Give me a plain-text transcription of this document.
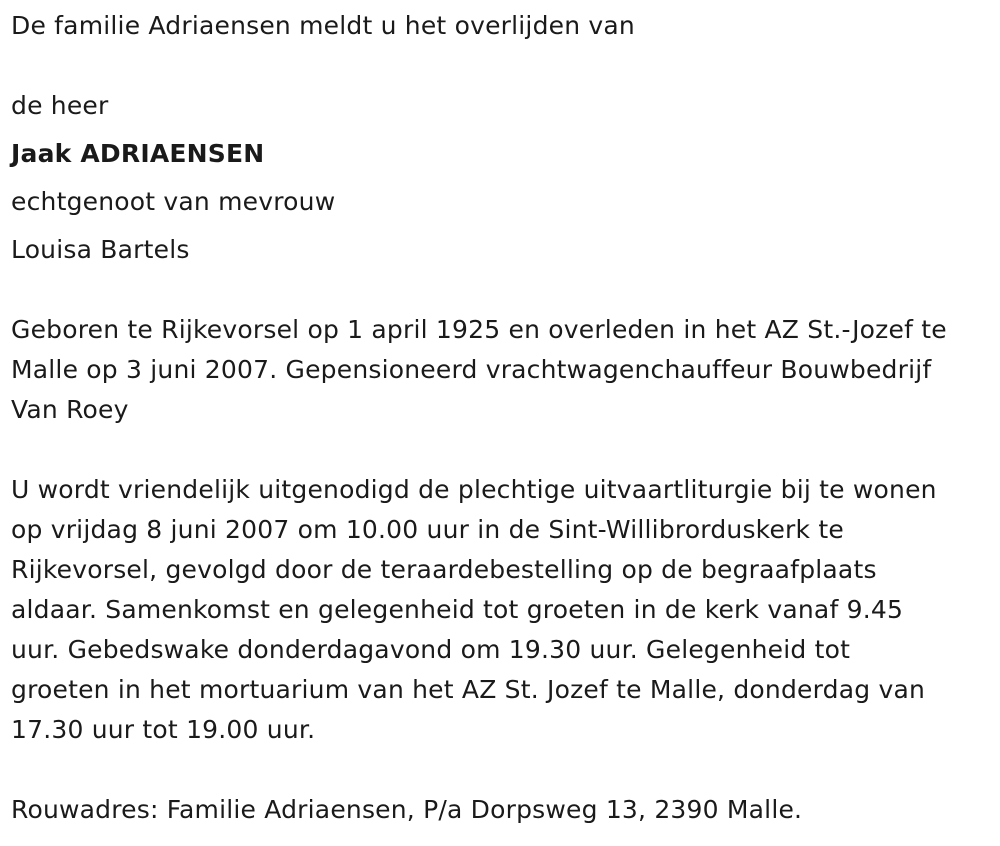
De familie Adriaensen meldt u het overlijden van

de heer

Jaak ADRIAENSEN

echtgenoot van mevrouw

Louisa Bartels

Geboren te Rijkevorsel op 1 april 1925 en overleden in het AZ St.-Jozef te

Malle op 3 juni 2007. Gepensioneerd vrachtwagenchauffeur Bouwbedrijf

Van Roey

U wordt vriendelijk uitgenodigd de plechtige uitvaartliturgie bij te wonen

op vrijdag 8 juni 2007 om 10.00 uur in de Sint-Willibrorduskerk te

Rijkevorsel, gevolgd door de teraardebestelling op de begraafplaats

aldaar. Samenkomst en gelegenheid tot groeten in de kerk vanaf 9.45

uur. Gebedswake donderdagavond om 19.30 uur. Gelegenheid tot

groeten in het mortuarium van het AZ St. Jozef te Malle, donderdag van

17.30 uur tot 19.00 uur.

Rouwadres: Familie Adriaensen, P/a Dorpsweg 13, 2390 Malle.
